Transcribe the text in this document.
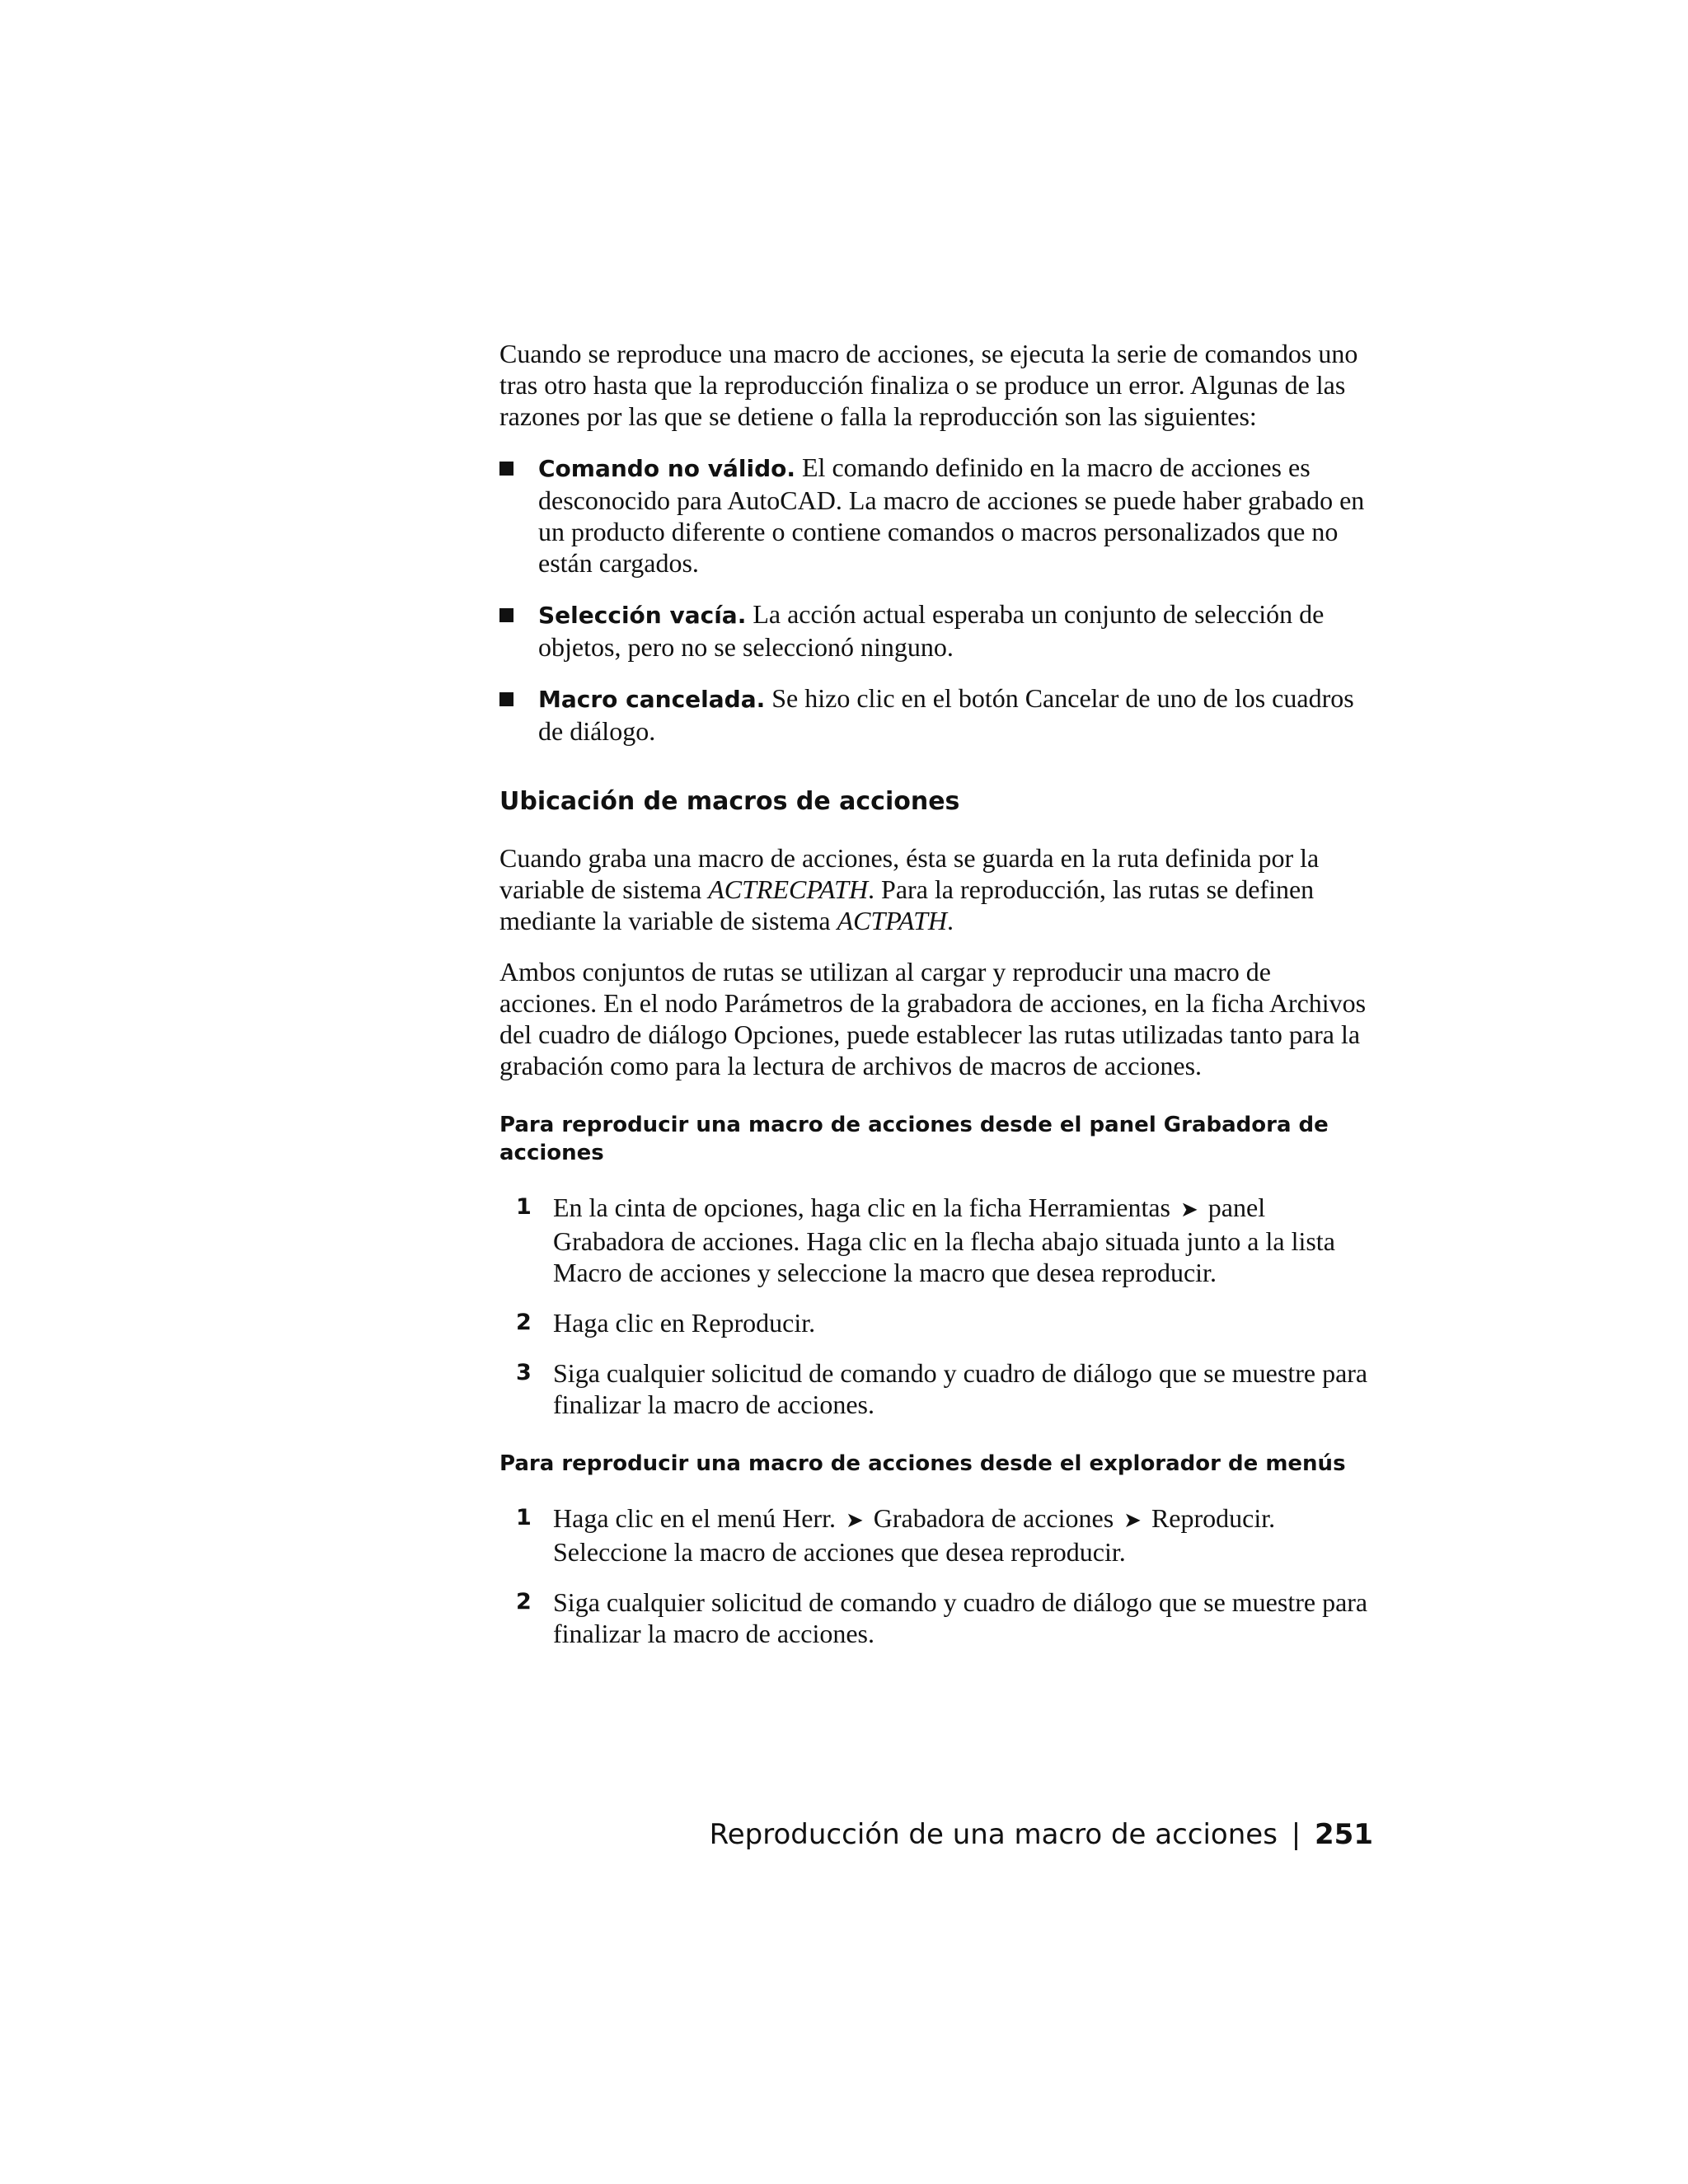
Cuando se reproduce una macro de acciones, se ejecuta la serie de comandos uno tras otro hasta que la reproducción finaliza o se produce un error. Algunas de las razones por las que se detiene o falla la reproducción son las siguientes:

Comando no válido. El comando definido en la macro de acciones es desconocido para AutoCAD. La macro de acciones se puede haber grabado en un producto diferente o contiene comandos o macros personalizados que no están cargados.
Selección vacía. La acción actual esperaba un conjunto de selección de objetos, pero no se seleccionó ninguno.
Macro cancelada. Se hizo clic en el botón Cancelar de uno de los cuadros de diálogo.
Ubicación de macros de acciones

Cuando graba una macro de acciones, ésta se guarda en la ruta definida por la variable de sistema ACTRECPATH. Para la reproducción, las rutas se definen mediante la variable de sistema ACTPATH.

Ambos conjuntos de rutas se utilizan al cargar y reproducir una macro de acciones. En el nodo Parámetros de la grabadora de acciones, en la ficha Archivos del cuadro de diálogo Opciones, puede establecer las rutas utilizadas tanto para la grabación como para la lectura de archivos de macros de acciones.

Para reproducir una macro de acciones desde el panel Grabadora de acciones
1 En la cinta de opciones, haga clic en la ficha Herramientas ➤ panel Grabadora de acciones. Haga clic en la flecha abajo situada junto a la lista Macro de acciones y seleccione la macro que desea reproducir.
2 Haga clic en Reproducir.
3 Siga cualquier solicitud de comando y cuadro de diálogo que se muestre para finalizar la macro de acciones.
Para reproducir una macro de acciones desde el explorador de menús
1 Haga clic en el menú Herr. ➤ Grabadora de acciones ➤ Reproducir. Seleccione la macro de acciones que desea reproducir.
2 Siga cualquier solicitud de comando y cuadro de diálogo que se muestre para finalizar la macro de acciones.
Reproducción de una macro de acciones | 251
